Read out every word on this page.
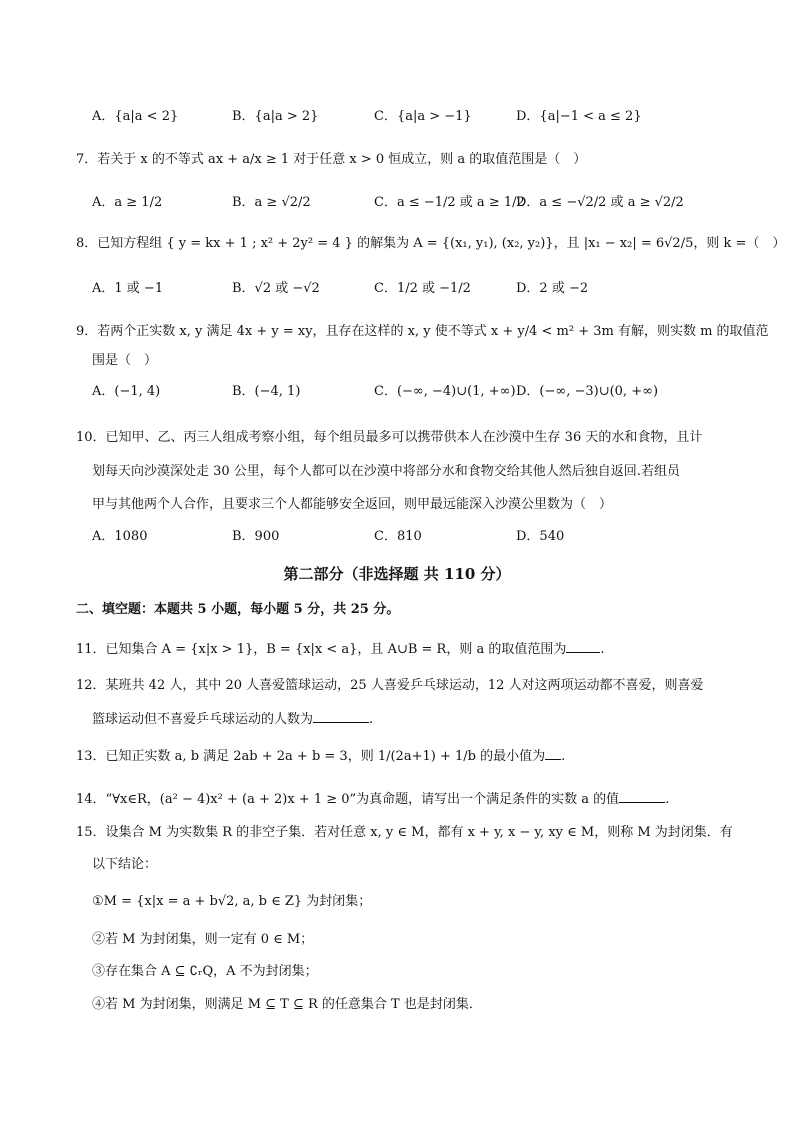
A．{a|a < 2}	B．{a|a > 2}	C．{a|a > −1}	D．{a|−1 < a ≤ 2}
7．若关于 x 的不等式 ax + a/x ≥ 1 对于任意 x > 0 恒成立，则 a 的取值范围是（　）
A．a ≥ 1/2	B．a ≥ √2/2	C．a ≤ −1/2 或 a ≥ 1/2
D．a ≤ −√2/2 或 a ≥ √2/2
8．已知方程组 { y = kx + 1 ; x² + 2y² = 4 } 的解集为 A = {(x₁, y₁), (x₂, y₂)}，且 |x₁ − x₂| = 6√2/5，则 k =（　）
A．1 或 −1	B．√2 或 −√2	C．1/2 或 −1/2	D．2 或 −2
9．若两个正实数 x, y 满足 4x + y = xy，且存在这样的 x, y 使不等式 x + y/4 < m² + 3m 有解，则实数 m 的取值范
围是（　）
A．(−1, 4)	B．(−4, 1)	C．(−∞, −4)∪(1, +∞) D．(−∞, −3)∪(0, +∞)
10．已知甲、乙、丙三人组成考察小组，每个组员最多可以携带供本人在沙漠中生存 36 天的水和食物，且计
划每天向沙漠深处走 30 公里，每个人都可以在沙漠中将部分水和食物交给其他人然后独自返回.若组员
甲与其他两个人合作，且要求三个人都能够安全返回，则甲最远能深入沙漠公里数为（　）
A．1080	B．900	C．810	D．540
第二部分（非选择题 共 110 分）
二、填空题：本题共 5 小题，每小题 5 分，共 25 分。
11．已知集合 A = {x|x > 1}，B = {x|x < a}，且 A∪B = R，则 a 的取值范围为	.
12．某班共 42 人，其中 20 人喜爱篮球运动，25 人喜爱乒乓球运动，12 人对这两项运动都不喜爱，则喜爱
篮球运动但不喜爱乒乓球运动的人数为	.
13．已知正实数 a, b 满足 2ab + 2a + b = 3，则 1/(2a+1) + 1/b 的最小值为 .
14．“∀x∈R，(a² − 4)x² + (a + 2)x + 1 ≥ 0”为真命题，请写出一个满足条件的实数 a 的值	.
15．设集合 M 为实数集 R 的非空子集．若对任意 x, y ∈ M，都有 x + y, x − y, xy ∈ M，则称 M 为封闭集．有
以下结论：
①M = {x|x = a + b√2, a, b ∈ Z} 为封闭集；
②若 M 为封闭集，则一定有 0 ∈ M；
③存在集合 A ⊆ ∁ᵣQ，A 不为封闭集；
④若 M 为封闭集，则满足 M ⊆ T ⊆ R 的任意集合 T 也是封闭集．
